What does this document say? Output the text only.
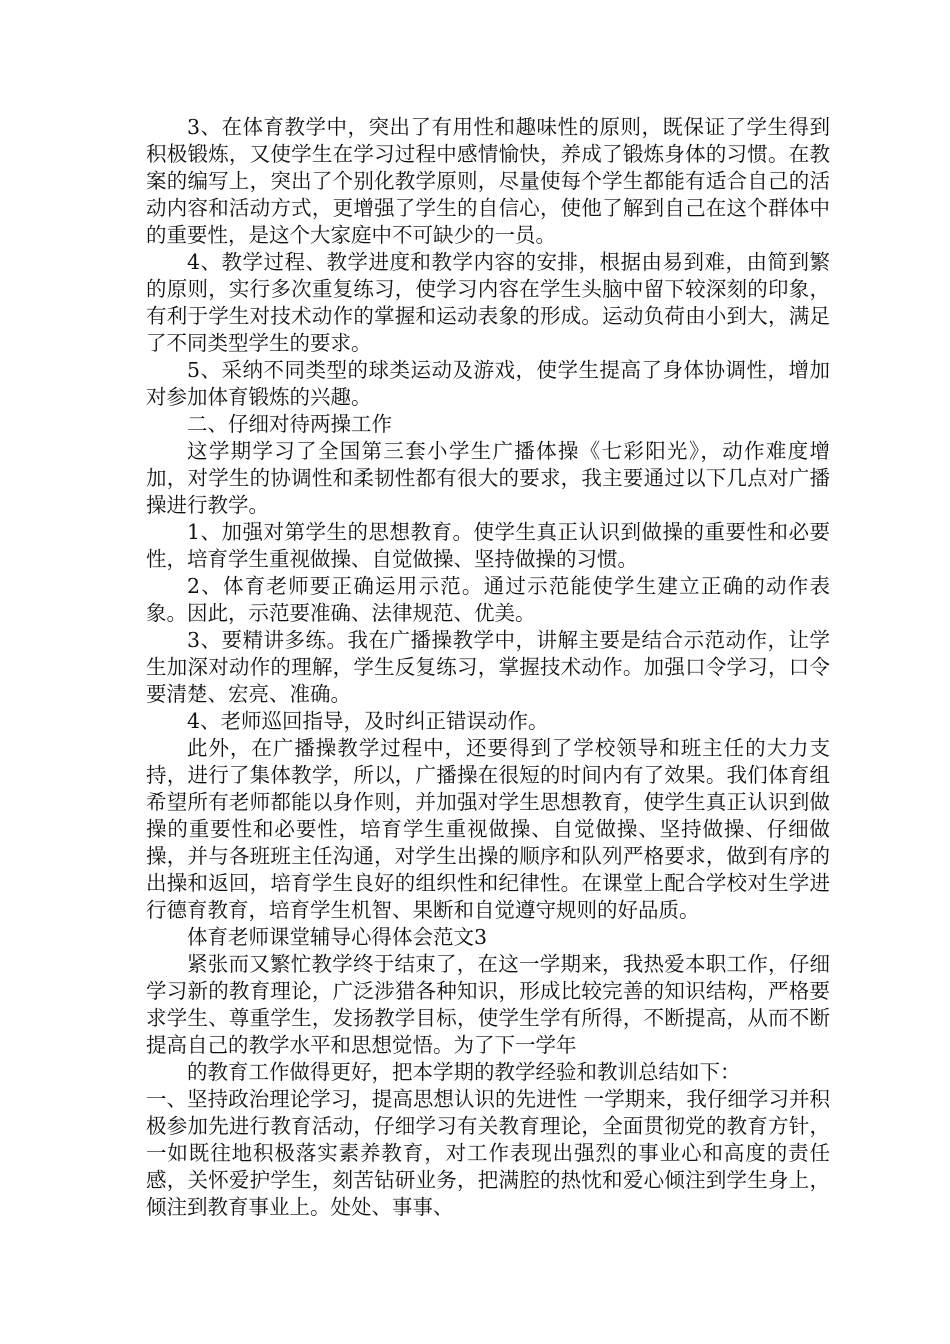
3、在体育教学中，突出了有用性和趣味性的原则，既保证了学生得到积极锻炼，又使学生在学习过程中感情愉快，养成了锻炼身体的习惯。在教案的编写上，突出了个别化教学原则，尽量使每个学生都能有适合自己的活动内容和活动方式，更增强了学生的自信心，使他了解到自己在这个群体中的重要性，是这个大家庭中不可缺少的一员。

4、教学过程、教学进度和教学内容的安排，根据由易到难，由简到繁的原则，实行多次重复练习，使学习内容在学生头脑中留下较深刻的印象，有利于学生对技术动作的掌握和运动表象的形成。运动负荷由小到大，满足了不同类型学生的要求。

5、采纳不同类型的球类运动及游戏，使学生提高了身体协调性，增加对参加体育锻炼的兴趣。

二、仔细对待两操工作

这学期学习了全国第三套小学生广播体操《七彩阳光》，动作难度增加，对学生的协调性和柔韧性都有很大的要求，我主要通过以下几点对广播操进行教学。

1、加强对第学生的思想教育。使学生真正认识到做操的重要性和必要性，培育学生重视做操、自觉做操、坚持做操的习惯。

2、体育老师要正确运用示范。通过示范能使学生建立正确的动作表象。因此，示范要准确、法律规范、优美。

3、要精讲多练。我在广播操教学中，讲解主要是结合示范动作，让学生加深对动作的理解，学生反复练习，掌握技术动作。加强口令学习，口令要清楚、宏亮、准确。

4、老师巡回指导，及时纠正错误动作。

此外，在广播操教学过程中，还要得到了学校领导和班主任的大力支持，进行了集体教学，所以，广播操在很短的时间内有了效果。我们体育组希望所有老师都能以身作则，并加强对学生思想教育，使学生真正认识到做操的重要性和必要性，培育学生重视做操、自觉做操、坚持做操、仔细做操，并与各班班主任沟通，对学生出操的顺序和队列严格要求，做到有序的出操和返回，培育学生良好的组织性和纪律性。在课堂上配合学校对生学进行德育教育，培育学生机智、果断和自觉遵守规则的好品质。

体育老师课堂辅导心得体会范文3

紧张而又繁忙教学终于结束了，在这一学期来，我热爱本职工作，仔细学习新的教育理论，广泛涉猎各种知识，形成比较完善的知识结构，严格要求学生、尊重学生，发扬教学目标，使学生学有所得，不断提高，从而不断提高自己的教学水平和思想觉悟。为了下一学年

的教育工作做得更好，把本学期的教学经验和教训总结如下：

一、坚持政治理论学习，提高思想认识的先进性 一学期来，我仔细学习并积极参加先进行教育活动，仔细学习有关教育理论，全面贯彻党的教育方针，一如既往地积极落实素养教育，对工作表现出强烈的事业心和高度的责任感，关怀爱护学生，刻苦钻研业务，把满腔的热忱和爱心倾注到学生身上，倾注到教育事业上。处处、事事、
